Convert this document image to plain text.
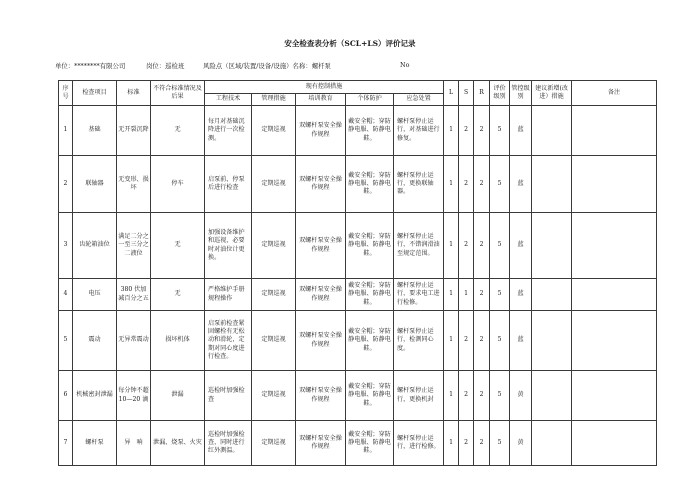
安全检查表分析（SCL+LS）评价记录
单位：********有限公司	岗位：巡检班	风险点（区域/装置/设备/设施）名称：螺杆泵	No
序号	检查项目	标准	不符合标准情况及后果	现有控制措施					L	S	R	评价级别	管控级别	建议新增(改进）措施	备注
				工程技术	管理措施	培训教育	个体防护	应急处置							
1	基础	无开裂沉降	无	每月对基础沉降进行一次检测。	定期巡视	双螺杆泵安全操作规程	戴安全帽；穿防静电服、防静电鞋。	螺杆泵停止运行，对基础进行修复。	1	2	2	5	蓝		
2	联轴器	无变形、损坏	停车	启泵前、停泵后进行检查	定期巡视	双螺杆泵安全操作规程	戴安全帽；穿防静电服、防静电鞋。	螺杆泵停止运行，更换联轴器。	1	2	2	5	蓝		
3	齿轮箱油位	满足二分之一至三分之二液位	无	加强设备维护和巡视，必要时对油位计更换。	定期巡视	双螺杆泵安全操作规程	戴安全帽；穿防静电服、防静电鞋。	螺杆泵停止运行，不错润滑油至规定范围。	1	2	2	5	蓝		
4	电压	380 伏加减百分之五	无	严格维护手册规程操作	定期巡视	双螺杆泵安全操作规程	戴安全帽；穿防静电服、防静电鞋。	螺杆泵停止运行，要求电工进行检修。	1	1	2	5	蓝		
5	震动	无异常震动	损坏机体	启泵前检查紧固螺栓有无松动和滑轮，定期对同心度进行检查。	定期巡视	双螺杆泵安全操作规程	戴安全帽；穿防静电服、防静电鞋。	螺杆泵停止运行，检测同心度。	1	2	2	5	蓝		
6	机械密封泄漏	每分钟不超 10—20 滴	泄漏	巡检时加强检查	定期巡视	双螺杆泵安全操作规程	戴安全帽；穿防静电服、防静电鞋。	螺杆泵停止运行，更换机封	1	2	2	5	黄		
7	螺杆泵	异　响	泄漏、烧泵、火灾	巡检时加强检查，同时进行红外测温。	定期巡视	双螺杆泵安全操作规程	戴安全帽；穿防静电服、防静电鞋。	螺杆泵停止运行，进行检修。	1	2	2	5	黄		
